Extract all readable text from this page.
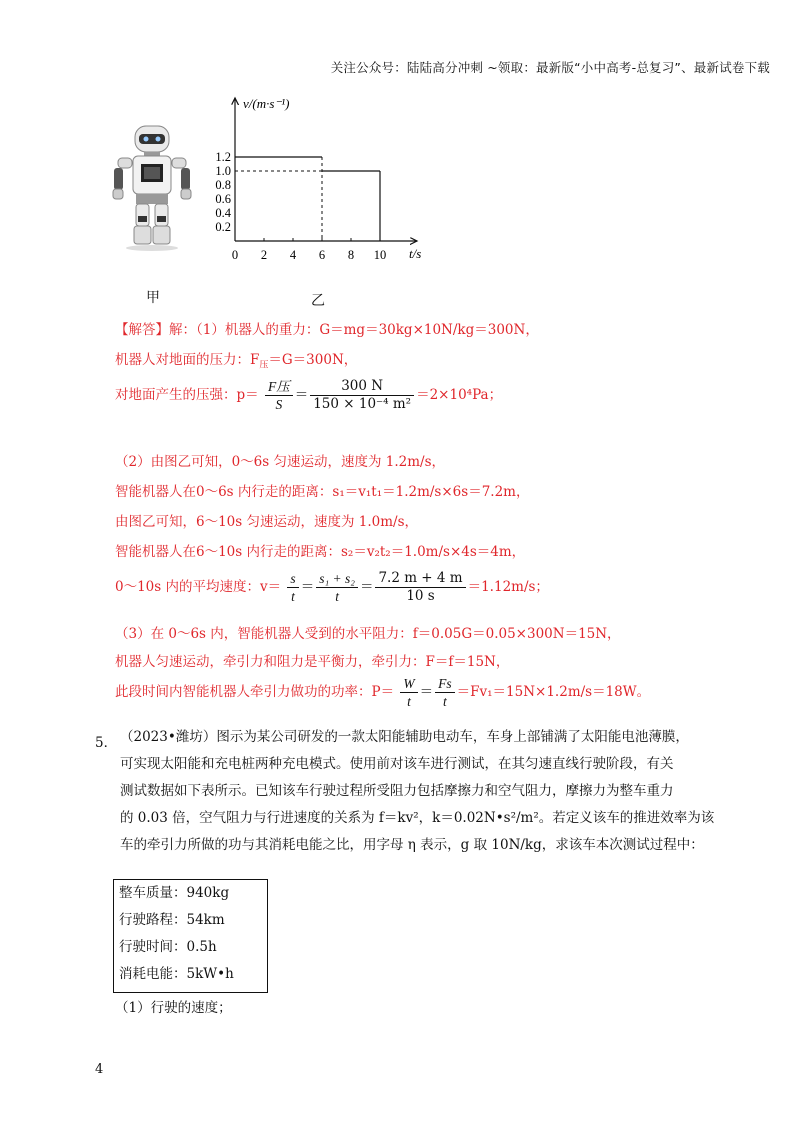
关注公众号：陆陆高分冲刺 ~领取：最新版“小中高考-总复习”、最新试卷下载
甲
v/(m·s⁻¹)
t/s
1.2
1.0
0.8
0.6
0.4
0.2
0 2 4 6 8 10
乙
【解答】解：（1）机器人的重力：G＝mg＝30kg×10N/kg＝300N，
机器人对地面的压力：$F_压=G=300N$，
对地面产生的压强：$p= \frac{\text{F压}}{S} = \frac{300 N}{\text{150 × 10⁻⁴ m²}} =2\times 10^4Pa$；
（2）由图乙可知，0～6s 匀速运动，速度为 1.2m/s，
智能机器人在0～6s 内行走的距离：s₁＝v₁t₁＝1.2m/s×6s＝7.2m，
由图乙可知，6～10s 匀速运动，速度为 1.0m/s，
智能机器人在6～10s 内行走的距离：s₂＝v₂t₂＝1.0m/s×4s＝4m，
0～10s 内的平均速度：$v= \frac{s}{t} = \frac{\text{s₁ + s₂}}{t} = \frac{7.2 m + 4 m}{10 s} =1.12m/s$；
（3）在 0～6s 内，智能机器人受到的水平阻力：f＝0.05G＝0.05×300N＝15N，
机器人匀速运动，牵引力和阻力是平衡力，牵引力：F＝f＝15N，
此段时间内智能机器人牵引力做功的功率：$P= \frac{W}{t} = \frac{Fs}{t} =Fv_1=15N\times 1.2m/s=18W$。
5． （2023•潍坊）图示为某公司研发的一款太阳能辅助电动车，车身上部铺满了太阳能电池薄膜，
可实现太阳能和充电桩两种充电模式。使用前对该车进行测试，在其匀速直线行驶阶段，有关
测试数据如下表所示。已知该车行驶过程所受阻力包括摩擦力和空气阻力，摩擦力为整车重力
的 0.03 倍，空气阻力与行进速度的关系为 f＝kv²，k＝0.02N•s²/m²。若定义该车的推进效率为该
车的牵引力所做的功与其消耗电能之比，用字母 η 表示，g 取 10N/kg，求该车本次测试过程中：
整车质量：940kg
行驶路程：54km
行驶时间：0.5h
消耗电能：5kW•h
（1）行驶的速度；
4
